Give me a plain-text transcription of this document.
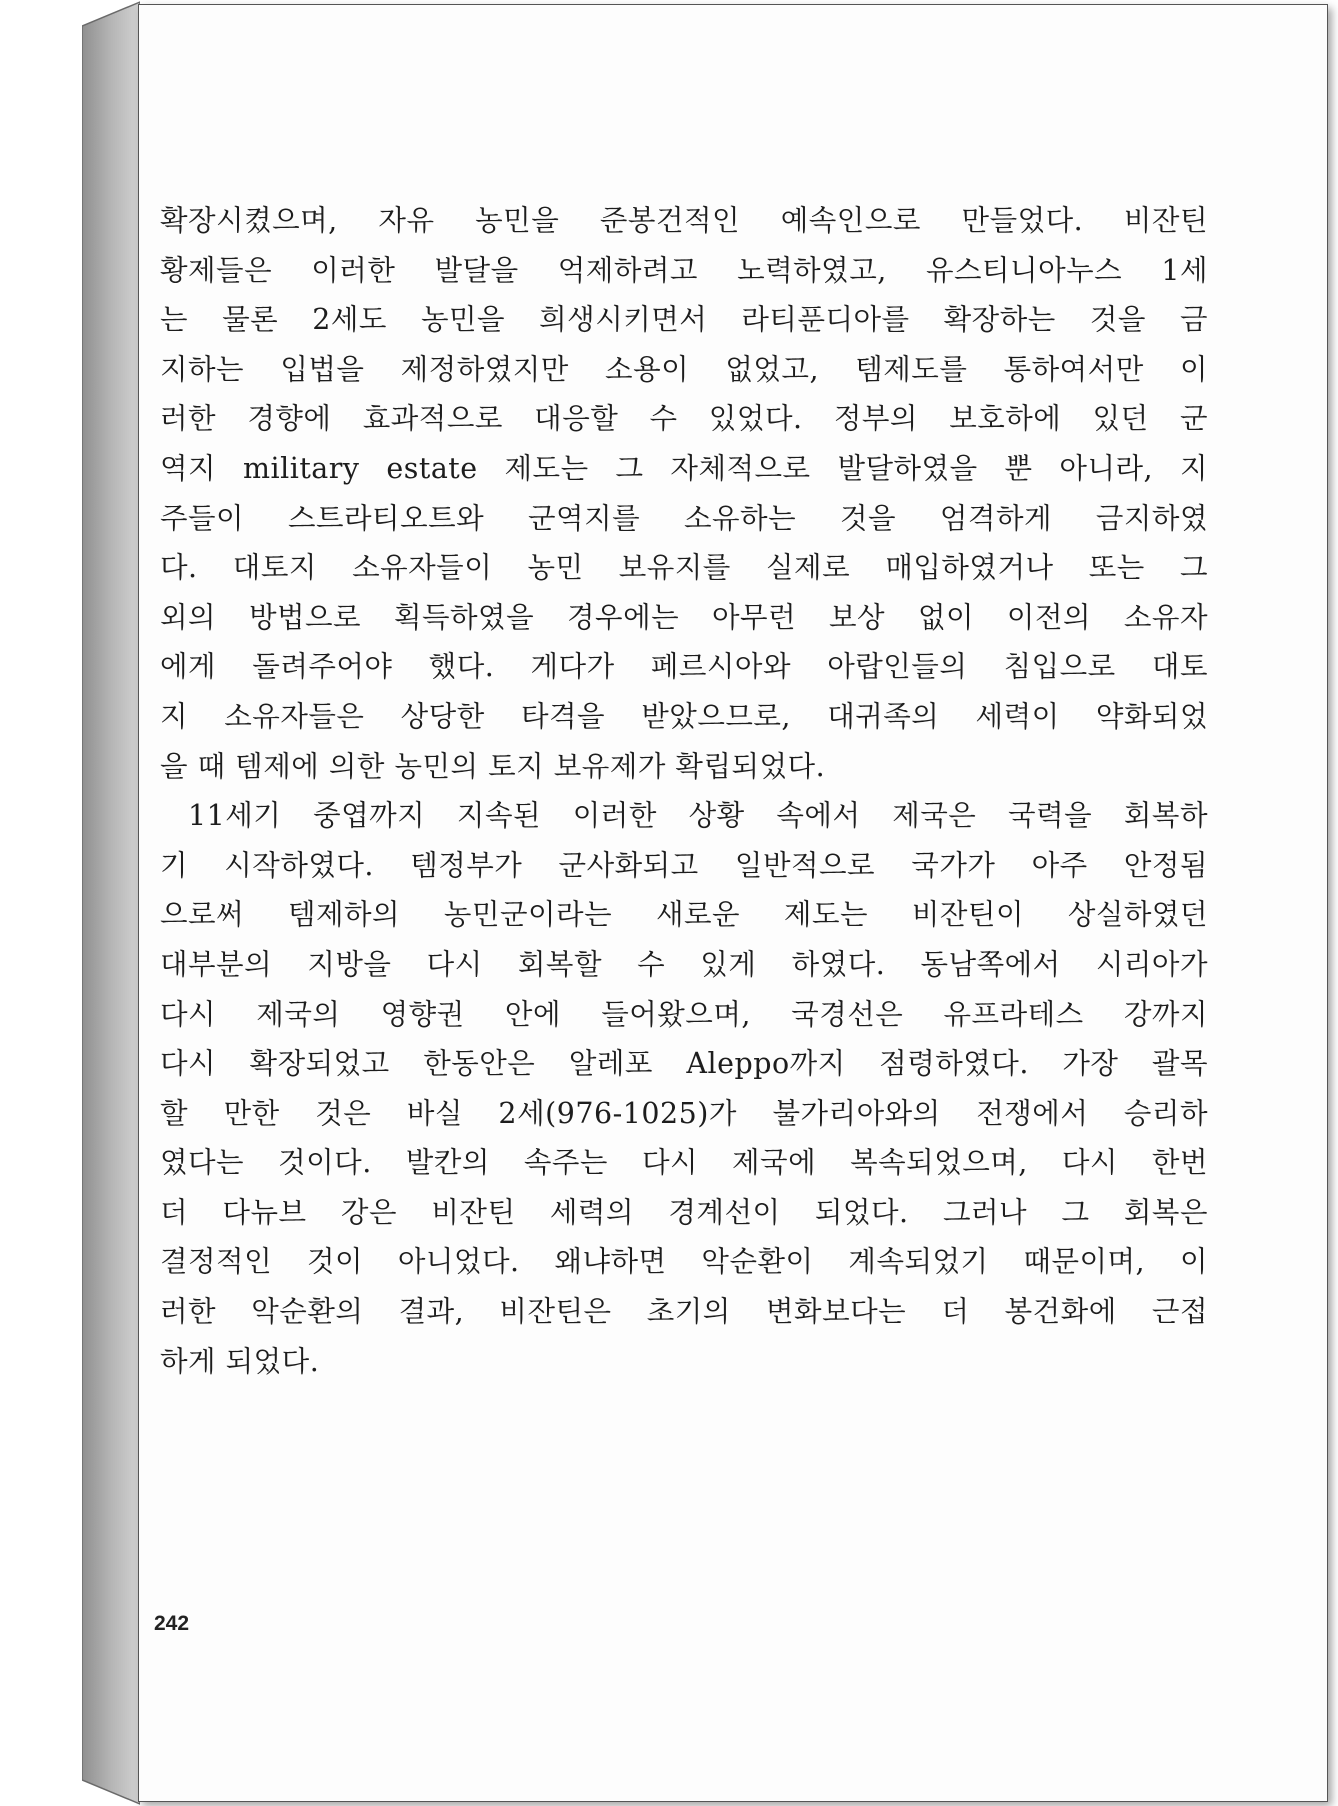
확장시켰으며, 자유 농민을 준봉건적인 예속인으로 만들었다. 비잔틴
황제들은 이러한 발달을 억제하려고 노력하였고, 유스티니아누스 1세
는 물론 2세도 농민을 희생시키면서 라티푼디아를 확장하는 것을 금
지하는 입법을 제정하였지만 소용이 없었고, 템제도를 통하여서만 이
러한 경향에 효과적으로 대응할 수 있었다. 정부의 보호하에 있던 군
역지 military estate 제도는 그 자체적으로 발달하였을 뿐 아니라, 지
주들이 스트라티오트와 군역지를 소유하는 것을 엄격하게 금지하였
다. 대토지 소유자들이 농민 보유지를 실제로 매입하였거나 또는 그
외의 방법으로 획득하였을 경우에는 아무런 보상 없이 이전의 소유자
에게 돌려주어야 했다. 게다가 페르시아와 아랍인들의 침입으로 대토
지 소유자들은 상당한 타격을 받았으므로, 대귀족의 세력이 약화되었
을 때 템제에 의한 농민의 토지 보유제가 확립되었다.
11세기 중엽까지 지속된 이러한 상황 속에서 제국은 국력을 회복하
기 시작하였다. 템정부가 군사화되고 일반적으로 국가가 아주 안정됨
으로써 템제하의 농민군이라는 새로운 제도는 비잔틴이 상실하였던
대부분의 지방을 다시 회복할 수 있게 하였다. 동남쪽에서 시리아가
다시 제국의 영향권 안에 들어왔으며, 국경선은 유프라테스 강까지
다시 확장되었고 한동안은 알레포 Aleppo까지 점령하였다. 가장 괄목
할 만한 것은 바실 2세(976-1025)가 불가리아와의 전쟁에서 승리하
였다는 것이다. 발칸의 속주는 다시 제국에 복속되었으며, 다시 한번
더 다뉴브 강은 비잔틴 세력의 경계선이 되었다. 그러나 그 회복은
결정적인 것이 아니었다. 왜냐하면 악순환이 계속되었기 때문이며, 이
러한 악순환의 결과, 비잔틴은 초기의 변화보다는 더 봉건화에 근접
하게 되었다.
242
